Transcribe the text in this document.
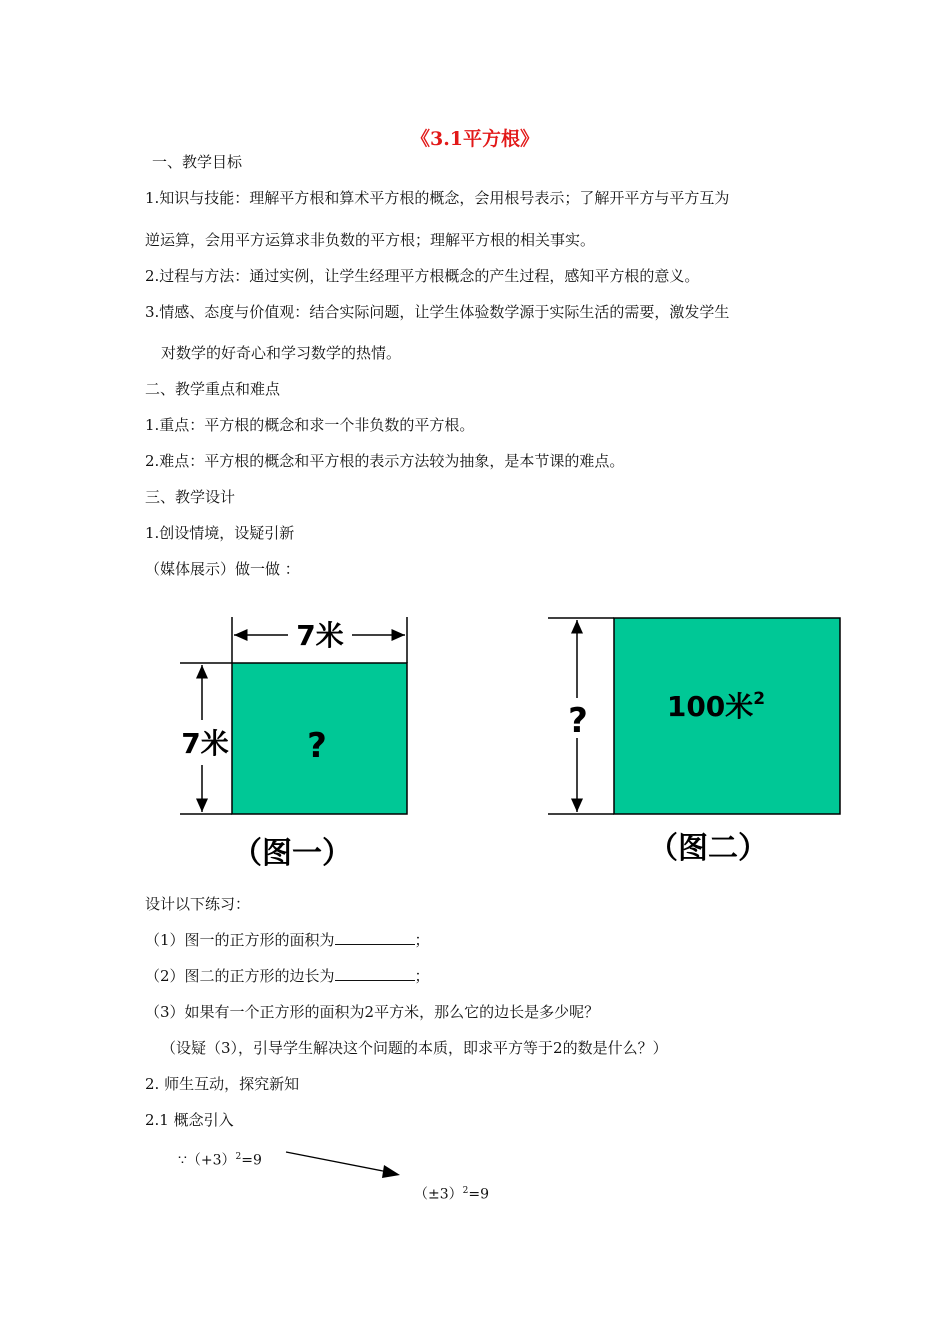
《3.1平方根》
一、教学目标
1.知识与技能：理解平方根和算术平方根的概念，会用根号表示；了解开平方与平方互为
逆运算，会用平方运算求非负数的平方根；理解平方根的相关事实。
2.过程与方法：通过实例，让学生经理平方根概念的产生过程，感知平方根的意义。
3.情感、态度与价值观：结合实际问题，让学生体验数学源于实际生活的需要，激发学生
对数学的好奇心和学习数学的热情。
二、教学重点和难点
1.重点：平方根的概念和求一个非负数的平方根。
2.难点：平方根的概念和平方根的表示方法较为抽象，是本节课的难点。
三、教学设计
1.创设情境，设疑引新
（媒体展示）做一做 ：
7米
7米 ?
（图一）
?	100米$^2$
（图二）
设计以下练习：
（1）图一的正方形的面积为	；
（2）图二的正方形的边长为	；
（3）如果有一个正方形的面积为2平方米，那么它的边长是多少呢？
（设疑（3），引导学生解决这个问题的本质，即求平方等于2的数是什么？）
2. 师生互动，探究新知
2.1 概念引入
$\because(+3)^2=9$
$(\pm 3)^2=9$
